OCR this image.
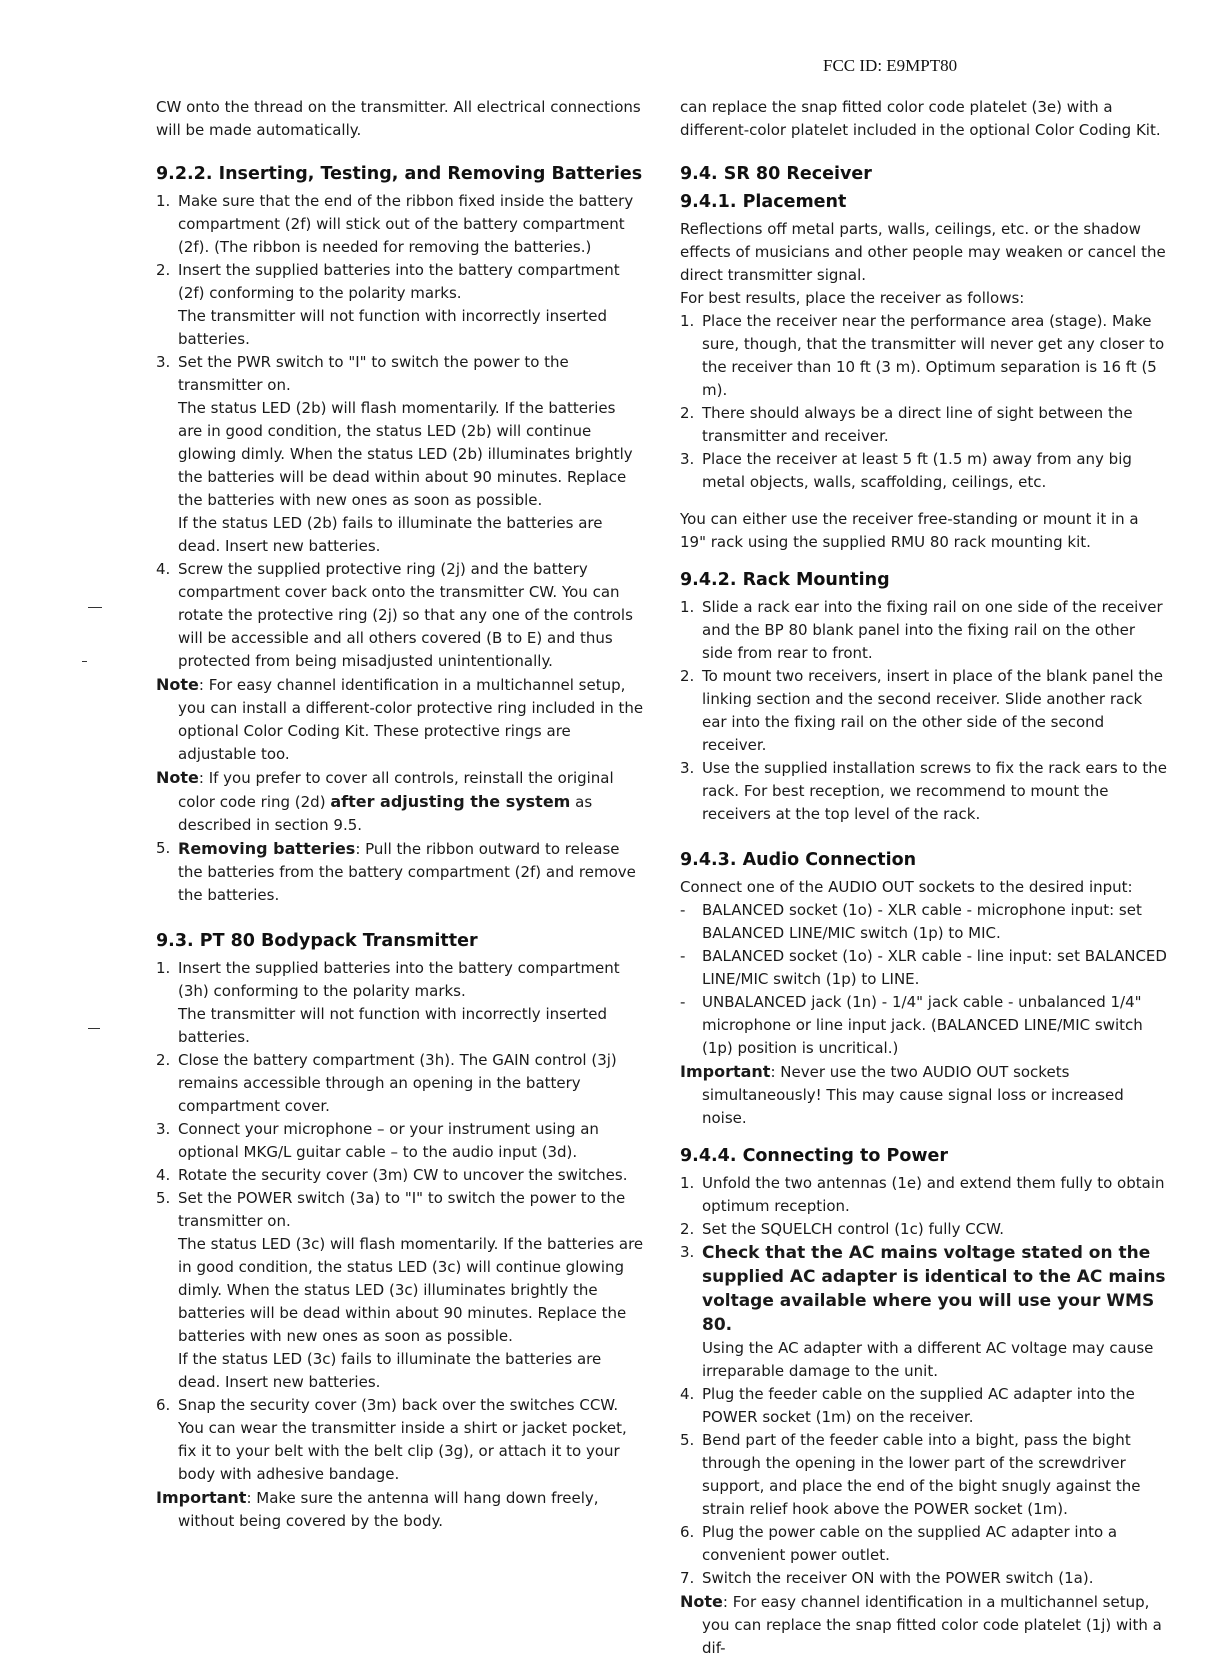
FCC ID: E9MPT80

CW onto the thread on the transmitter. All electrical connections will be made automatically.

9.2.2. Inserting, Testing, and Removing Batteries
1. Make sure that the end of the ribbon fixed inside the battery compartment (2f) will stick out of the battery compartment (2f). (The ribbon is needed for removing the batteries.)
2. Insert the supplied batteries into the battery compartment (2f) conforming to the polarity marks.
The transmitter will not function with incorrectly inserted batteries.
3. Set the PWR switch to "I" to switch the power to the transmitter on.
The status LED (2b) will flash momentarily. If the batteries are in good condition, the status LED (2b) will continue glowing dimly. When the status LED (2b) illuminates brightly the batteries will be dead within about 90 minutes. Replace the batteries with new ones as soon as possible.
If the status LED (2b) fails to illuminate the batteries are dead. Insert new batteries.
4. Screw the supplied protective ring (2j) and the battery compartment cover back onto the transmitter CW. You can rotate the protective ring (2j) so that any one of the controls will be accessible and all others covered (B to E) and thus protected from being misadjusted unintentionally.
Note: For easy channel identification in a multichannel setup, you can install a different-color protective ring included in the optional Color Coding Kit. These protective rings are adjustable too.
Note: If you prefer to cover all controls, reinstall the original color code ring (2d) after adjusting the system as described in section 9.5.
5. Removing batteries: Pull the ribbon outward to release the batteries from the battery compartment (2f) and remove the batteries.
9.3. PT 80 Bodypack Transmitter
1. Insert the supplied batteries into the battery compartment (3h) conforming to the polarity marks.
The transmitter will not function with incorrectly inserted batteries.
2. Close the battery compartment (3h). The GAIN control (3j) remains accessible through an opening in the battery compartment cover.
3. Connect your microphone – or your instrument using an optional MKG/L guitar cable – to the audio input (3d).
4. Rotate the security cover (3m) CW to uncover the switches.
5. Set the POWER switch (3a) to "I" to switch the power to the transmitter on.
The status LED (3c) will flash momentarily. If the batteries are in good condition, the status LED (3c) will continue glowing dimly. When the status LED (3c) illuminates brightly the batteries will be dead within about 90 minutes. Replace the batteries with new ones as soon as possible.
If the status LED (3c) fails to illuminate the batteries are dead. Insert new batteries.
6. Snap the security cover (3m) back over the switches CCW.
You can wear the transmitter inside a shirt or jacket pocket, fix it to your belt with the belt clip (3g), or attach it to your body with adhesive bandage.
Important: Make sure the antenna will hang down freely, without being covered by the body.

can replace the snap fitted color code platelet (3e) with a different-color platelet included in the optional Color Coding Kit.

9.4. SR 80 Receiver
9.4.1. Placement

Reflections off metal parts, walls, ceilings, etc. or the shadow effects of musicians and other people may weaken or cancel the direct transmitter signal.

For best results, place the receiver as follows:

1. Place the receiver near the performance area (stage). Make sure, though, that the transmitter will never get any closer to the receiver than 10 ft (3 m). Optimum separation is 16 ft (5 m).
2. There should always be a direct line of sight between the transmitter and receiver.
3. Place the receiver at least 5 ft (1.5 m) away from any big metal objects, walls, scaffolding, ceilings, etc.

You can either use the receiver free-standing or mount it in a 19" rack using the supplied RMU 80 rack mounting kit.

9.4.2. Rack Mounting
1. Slide a rack ear into the fixing rail on one side of the receiver and the BP 80 blank panel into the fixing rail on the other side from rear to front.
2. To mount two receivers, insert in place of the blank panel the linking section and the second receiver. Slide another rack ear into the fixing rail on the other side of the second receiver.
3. Use the supplied installation screws to fix the rack ears to the rack. For best reception, we recommend to mount the receivers at the top level of the rack.
9.4.3. Audio Connection

Connect one of the AUDIO OUT sockets to the desired input:

- BALANCED socket (1o) - XLR cable - microphone input: set BALANCED LINE/MIC switch (1p) to MIC.
- BALANCED socket (1o) - XLR cable - line input: set BALANCED LINE/MIC switch (1p) to LINE.
- UNBALANCED jack (1n) - 1/4" jack cable - unbalanced 1/4" microphone or line input jack. (BALANCED LINE/MIC switch (1p) position is uncritical.)
Important: Never use the two AUDIO OUT sockets simultaneously! This may cause signal loss or increased noise.
9.4.4. Connecting to Power
1. Unfold the two antennas (1e) and extend them fully to obtain optimum reception.
2. Set the SQUELCH control (1c) fully CCW.
3. Check that the AC mains voltage stated on the supplied AC adapter is identical to the AC mains voltage available where you will use your WMS 80.
Using the AC adapter with a different AC voltage may cause irreparable damage to the unit.
4. Plug the feeder cable on the supplied AC adapter into the POWER socket (1m) on the receiver.
5. Bend part of the feeder cable into a bight, pass the bight through the opening in the lower part of the screwdriver support, and place the end of the bight snugly against the strain relief hook above the POWER socket (1m).
6. Plug the power cable on the supplied AC adapter into a convenient power outlet.
7. Switch the receiver ON with the POWER switch (1a).
Note: For easy channel identification in a multichannel setup, you can replace the snap fitted color code platelet (1j) with a dif-
